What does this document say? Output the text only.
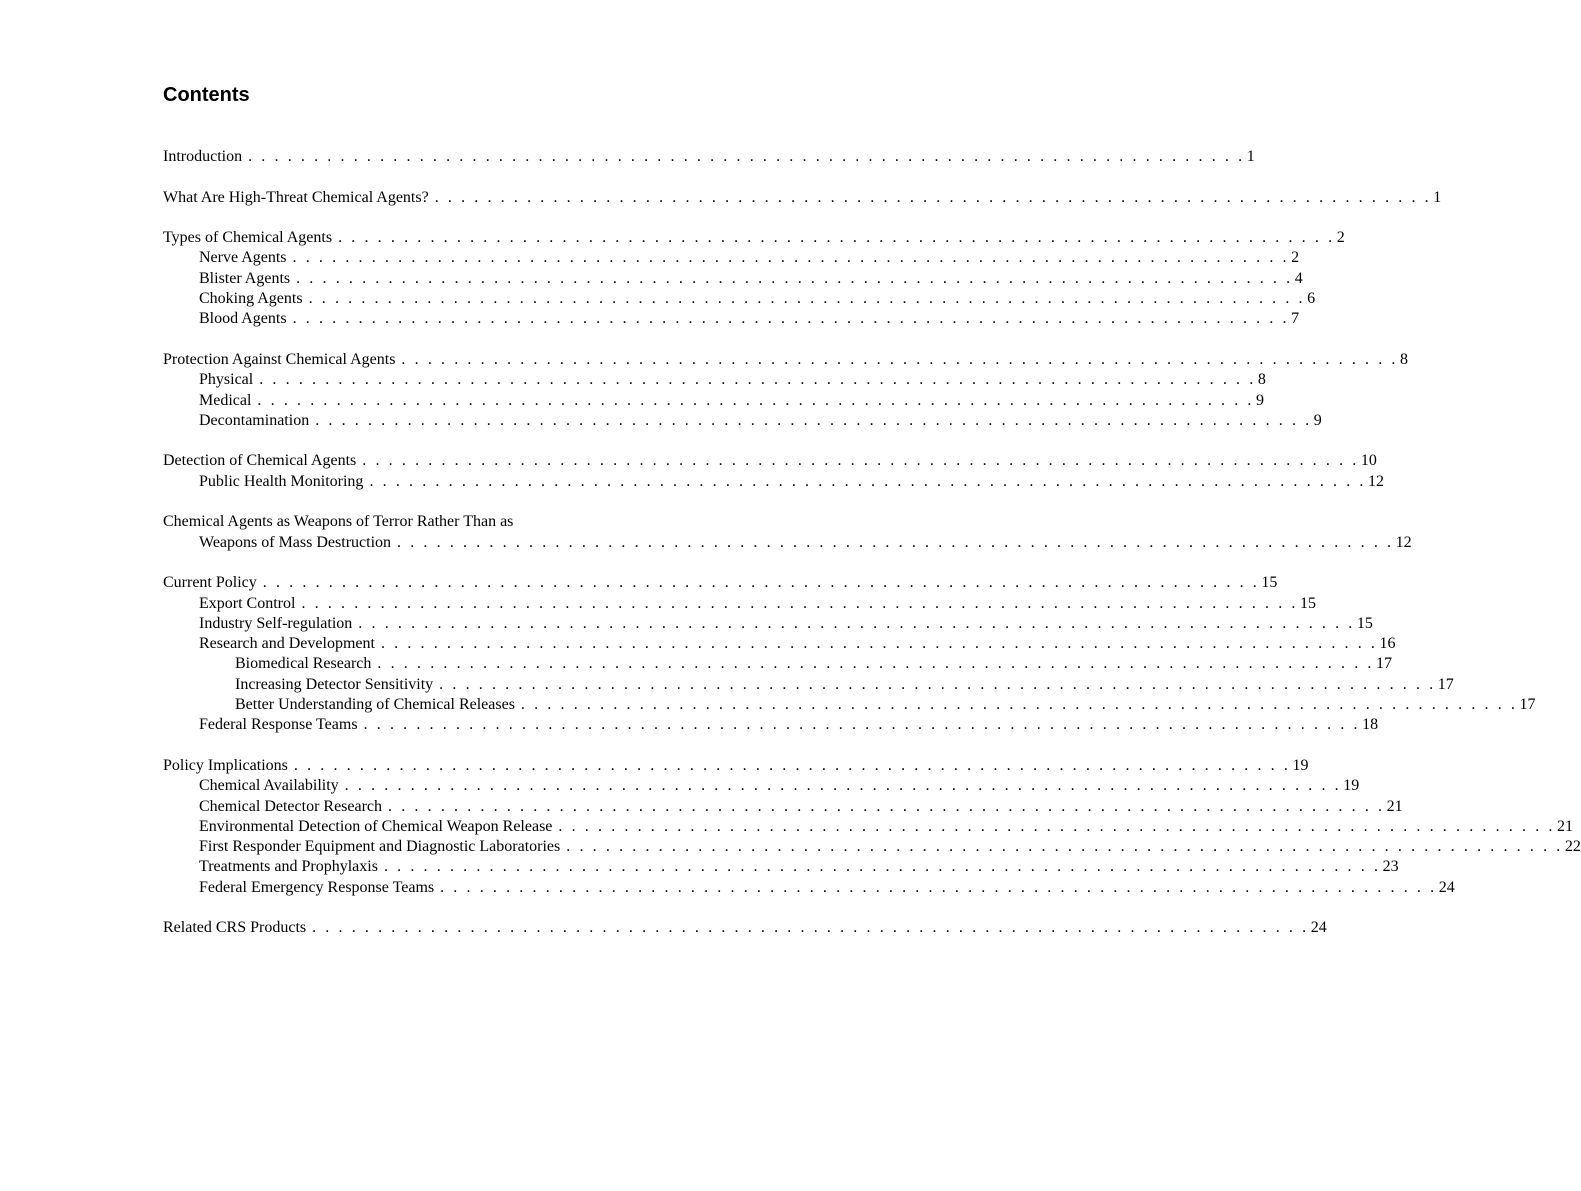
Contents
Introduction . . . . . . . . . . . . . . . . . . . . . . . . . . . . . . . . . . . . . . . . . . . . . . . . . . . . . . . . . . . . . . . . . . . . . . . . . . . . 1
What Are High-Threat Chemical Agents? . . . . . . . . . . . . . . . . . . . . . . . . . . . . . . . . . . . . . . . . . . . . . . . . . . . . . . . . . . . . . . . . . . . . . . . . . . . . 1
Types of Chemical Agents . . . . . . . . . . . . . . . . . . . . . . . . . . . . . . . . . . . . . . . . . . . . . . . . . . . . . . . . . . . . . . . . . . . . . . . . . . . . 2
Nerve Agents . . . . . . . . . . . . . . . . . . . . . . . . . . . . . . . . . . . . . . . . . . . . . . . . . . . . . . . . . . . . . . . . . . . . . . . . . . . . 2
Blister Agents . . . . . . . . . . . . . . . . . . . . . . . . . . . . . . . . . . . . . . . . . . . . . . . . . . . . . . . . . . . . . . . . . . . . . . . . . . . . 4
Choking Agents . . . . . . . . . . . . . . . . . . . . . . . . . . . . . . . . . . . . . . . . . . . . . . . . . . . . . . . . . . . . . . . . . . . . . . . . . . . . 6
Blood Agents . . . . . . . . . . . . . . . . . . . . . . . . . . . . . . . . . . . . . . . . . . . . . . . . . . . . . . . . . . . . . . . . . . . . . . . . . . . . 7
Protection Against Chemical Agents . . . . . . . . . . . . . . . . . . . . . . . . . . . . . . . . . . . . . . . . . . . . . . . . . . . . . . . . . . . . . . . . . . . . . . . . . . . . 8
Physical . . . . . . . . . . . . . . . . . . . . . . . . . . . . . . . . . . . . . . . . . . . . . . . . . . . . . . . . . . . . . . . . . . . . . . . . . . . . 8
Medical . . . . . . . . . . . . . . . . . . . . . . . . . . . . . . . . . . . . . . . . . . . . . . . . . . . . . . . . . . . . . . . . . . . . . . . . . . . . 9
Decontamination . . . . . . . . . . . . . . . . . . . . . . . . . . . . . . . . . . . . . . . . . . . . . . . . . . . . . . . . . . . . . . . . . . . . . . . . . . . . 9
Detection of Chemical Agents . . . . . . . . . . . . . . . . . . . . . . . . . . . . . . . . . . . . . . . . . . . . . . . . . . . . . . . . . . . . . . . . . . . . . . . . . . . . 10
Public Health Monitoring . . . . . . . . . . . . . . . . . . . . . . . . . . . . . . . . . . . . . . . . . . . . . . . . . . . . . . . . . . . . . . . . . . . . . . . . . . . . 12
Chemical Agents as Weapons of Terror Rather Than as
Weapons of Mass Destruction . . . . . . . . . . . . . . . . . . . . . . . . . . . . . . . . . . . . . . . . . . . . . . . . . . . . . . . . . . . . . . . . . . . . . . . . . . . . 12
Current Policy . . . . . . . . . . . . . . . . . . . . . . . . . . . . . . . . . . . . . . . . . . . . . . . . . . . . . . . . . . . . . . . . . . . . . . . . . . . . 15
Export Control . . . . . . . . . . . . . . . . . . . . . . . . . . . . . . . . . . . . . . . . . . . . . . . . . . . . . . . . . . . . . . . . . . . . . . . . . . . . 15
Industry Self-regulation . . . . . . . . . . . . . . . . . . . . . . . . . . . . . . . . . . . . . . . . . . . . . . . . . . . . . . . . . . . . . . . . . . . . . . . . . . . . 15
Research and Development . . . . . . . . . . . . . . . . . . . . . . . . . . . . . . . . . . . . . . . . . . . . . . . . . . . . . . . . . . . . . . . . . . . . . . . . . . . . 16
Biomedical Research . . . . . . . . . . . . . . . . . . . . . . . . . . . . . . . . . . . . . . . . . . . . . . . . . . . . . . . . . . . . . . . . . . . . . . . . . . . . 17
Increasing Detector Sensitivity . . . . . . . . . . . . . . . . . . . . . . . . . . . . . . . . . . . . . . . . . . . . . . . . . . . . . . . . . . . . . . . . . . . . . . . . . . . . 17
Better Understanding of Chemical Releases . . . . . . . . . . . . . . . . . . . . . . . . . . . . . . . . . . . . . . . . . . . . . . . . . . . . . . . . . . . . . . . . . . . . . . . . . . . . 17
Federal Response Teams . . . . . . . . . . . . . . . . . . . . . . . . . . . . . . . . . . . . . . . . . . . . . . . . . . . . . . . . . . . . . . . . . . . . . . . . . . . . 18
Policy Implications . . . . . . . . . . . . . . . . . . . . . . . . . . . . . . . . . . . . . . . . . . . . . . . . . . . . . . . . . . . . . . . . . . . . . . . . . . . . 19
Chemical Availability . . . . . . . . . . . . . . . . . . . . . . . . . . . . . . . . . . . . . . . . . . . . . . . . . . . . . . . . . . . . . . . . . . . . . . . . . . . . 19
Chemical Detector Research . . . . . . . . . . . . . . . . . . . . . . . . . . . . . . . . . . . . . . . . . . . . . . . . . . . . . . . . . . . . . . . . . . . . . . . . . . . . 21
Environmental Detection of Chemical Weapon Release . . . . . . . . . . . . . . . . . . . . . . . . . . . . . . . . . . . . . . . . . . . . . . . . . . . . . . . . . . . . . . . . . . . . . . . . . . . . 21
First Responder Equipment and Diagnostic Laboratories . . . . . . . . . . . . . . . . . . . . . . . . . . . . . . . . . . . . . . . . . . . . . . . . . . . . . . . . . . . . . . . . . . . . . . . . . . . . 22
Treatments and Prophylaxis . . . . . . . . . . . . . . . . . . . . . . . . . . . . . . . . . . . . . . . . . . . . . . . . . . . . . . . . . . . . . . . . . . . . . . . . . . . . 23
Federal Emergency Response Teams . . . . . . . . . . . . . . . . . . . . . . . . . . . . . . . . . . . . . . . . . . . . . . . . . . . . . . . . . . . . . . . . . . . . . . . . . . . . 24
Related CRS Products . . . . . . . . . . . . . . . . . . . . . . . . . . . . . . . . . . . . . . . . . . . . . . . . . . . . . . . . . . . . . . . . . . . . . . . . . . . . 24
